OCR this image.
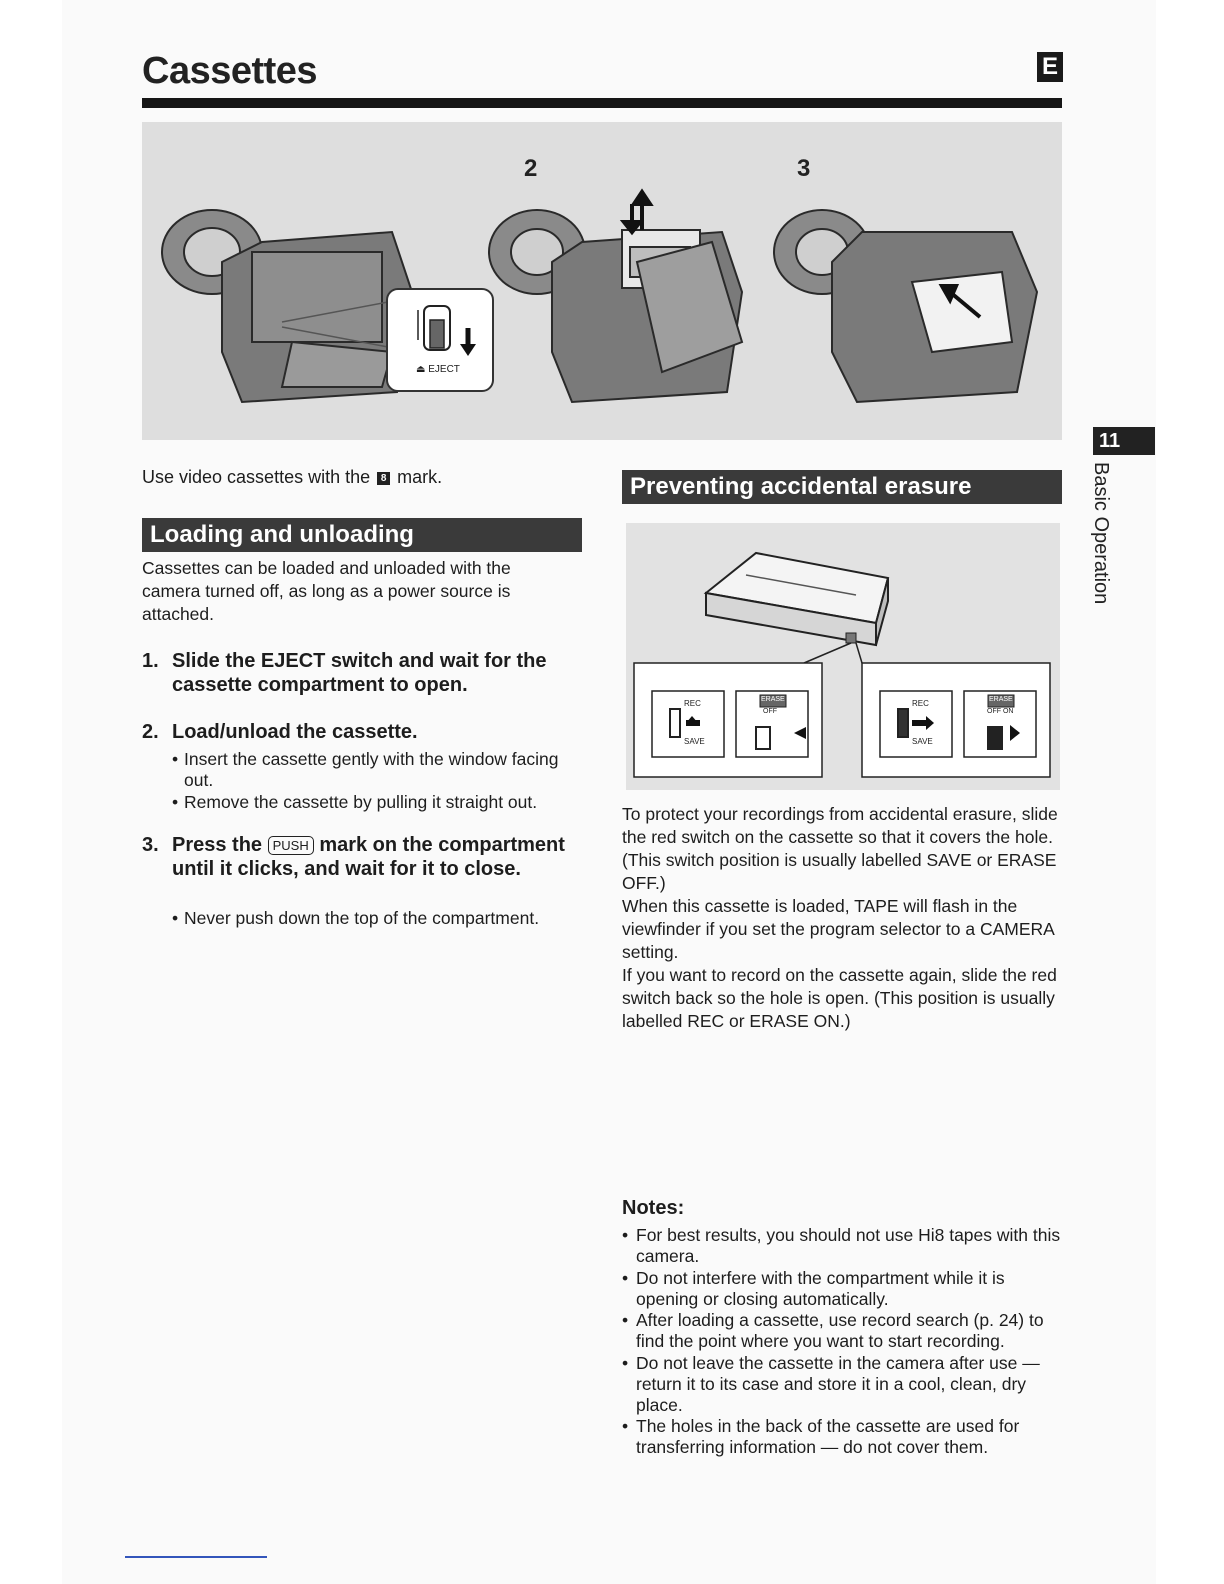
Cassettes	E
2	3
⏏ EJECT

Use video cassettes with the 8 mark.

Loading and unloading

Cassettes can be loaded and unloaded with the camera turned off, as long as a power source is attached.

1. Slide the EJECT switch and wait for the cassette compartment to open.
2. Load/unload the cassette.
• Insert the cassette gently with the window facing out.
• Remove the cassette by pulling it straight out.
3. Press the PUSH mark on the compartment until it clicks, and wait for it to close.
• Never push down the top of the compartment.
Preventing accidental erasure
REC
SAVE
ERASE
OFF
REC
SAVE
ERASE
OFF ON

To protect your recordings from accidental erasure, slide the red switch on the cassette so that it covers the hole. (This switch position is usually labelled SAVE or ERASE OFF.)

When this cassette is loaded, TAPE will flash in the viewfinder if you set the program selector to a CAMERA setting.

If you want to record on the cassette again, slide the red switch back so the hole is open. (This position is usually labelled REC or ERASE ON.)

Notes:
• For best results, you should not use Hi8 tapes with this camera.
• Do not interfere with the compartment while it is opening or closing automatically.
• After loading a cassette, use record search (p. 24) to find the point where you want to start recording.
• Do not leave the cassette in the camera after use — return it to its case and store it in a cool, clean, dry place.
• The holes in the back of the cassette are used for transferring information — do not cover them.
11
Basic Operation
